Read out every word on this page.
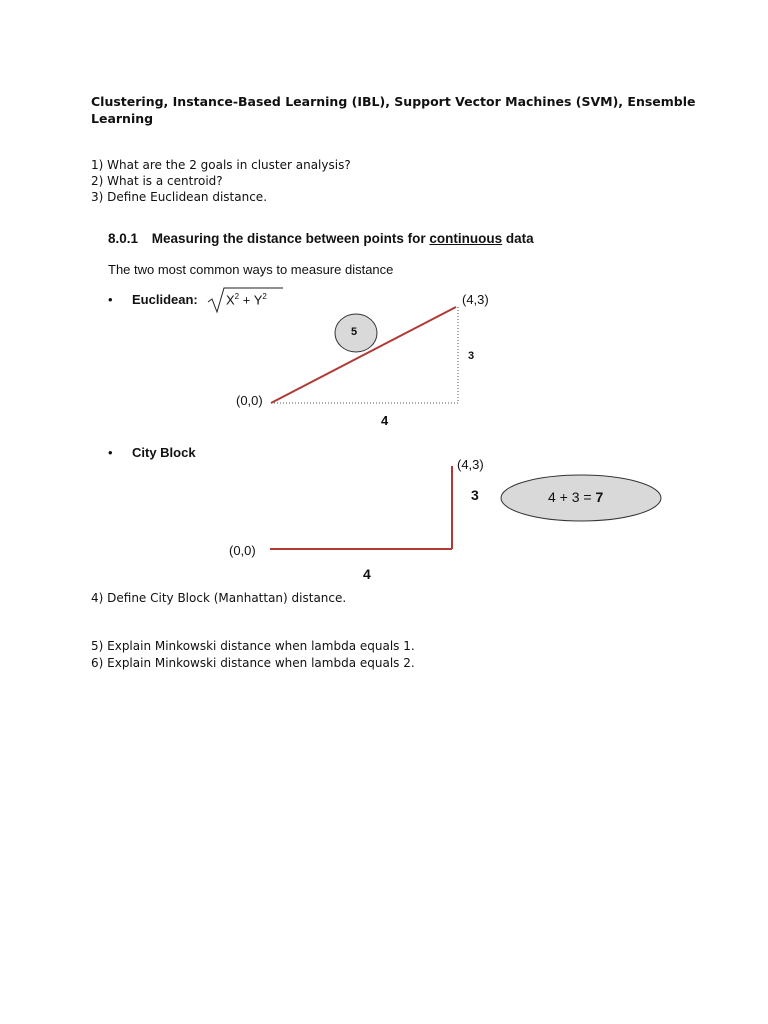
Clustering, Instance-Based Learning (IBL), Support Vector Machines (SVM), Ensemble Learning
1) What are the 2 goals in cluster analysis?
2) What is a centroid?
3) Define Euclidean distance.
8.0.1 Measuring the distance between points for continuous data
The two most common ways to measure distance
• Euclidean: $X^2 + Y^2$	(4,3)
5
3
(0,0)
4
• City Block
(4,3)
3	4 + 3 = 7
(0,0)
4
4) Define City Block (Manhattan) distance.
5) Explain Minkowski distance when lambda equals 1.
6) Explain Minkowski distance when lambda equals 2.
